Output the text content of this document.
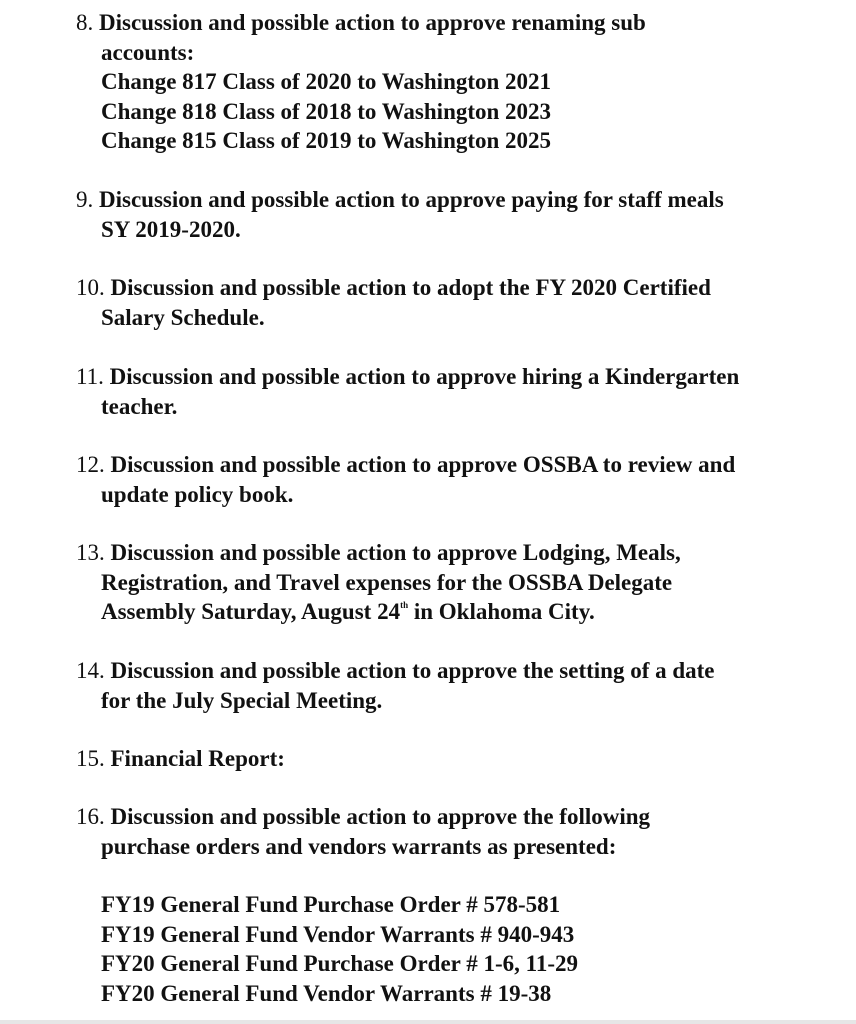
8. Discussion and possible action to approve renaming sub
accounts:
Change 817 Class of 2020 to Washington 2021
Change 818 Class of 2018 to Washington 2023
Change 815 Class of 2019 to Washington 2025
9. Discussion and possible action to approve paying for staff meals
SY 2019-2020.
10. Discussion and possible action to adopt the FY 2020 Certified
Salary Schedule.
11. Discussion and possible action to approve hiring a Kindergarten
teacher.
12. Discussion and possible action to approve OSSBA to review and
update policy book.
13. Discussion and possible action to approve Lodging, Meals,
Registration, and Travel expenses for the OSSBA Delegate
Assembly Saturday, August 24th in Oklahoma City.
14. Discussion and possible action to approve the setting of a date
for the July Special Meeting.
15. Financial Report:
16. Discussion and possible action to approve the following
purchase orders and vendors warrants as presented:
FY19 General Fund Purchase Order # 578-581
FY19 General Fund Vendor Warrants # 940-943
FY20 General Fund Purchase Order # 1-6, 11-29
FY20 General Fund Vendor Warrants # 19-38
